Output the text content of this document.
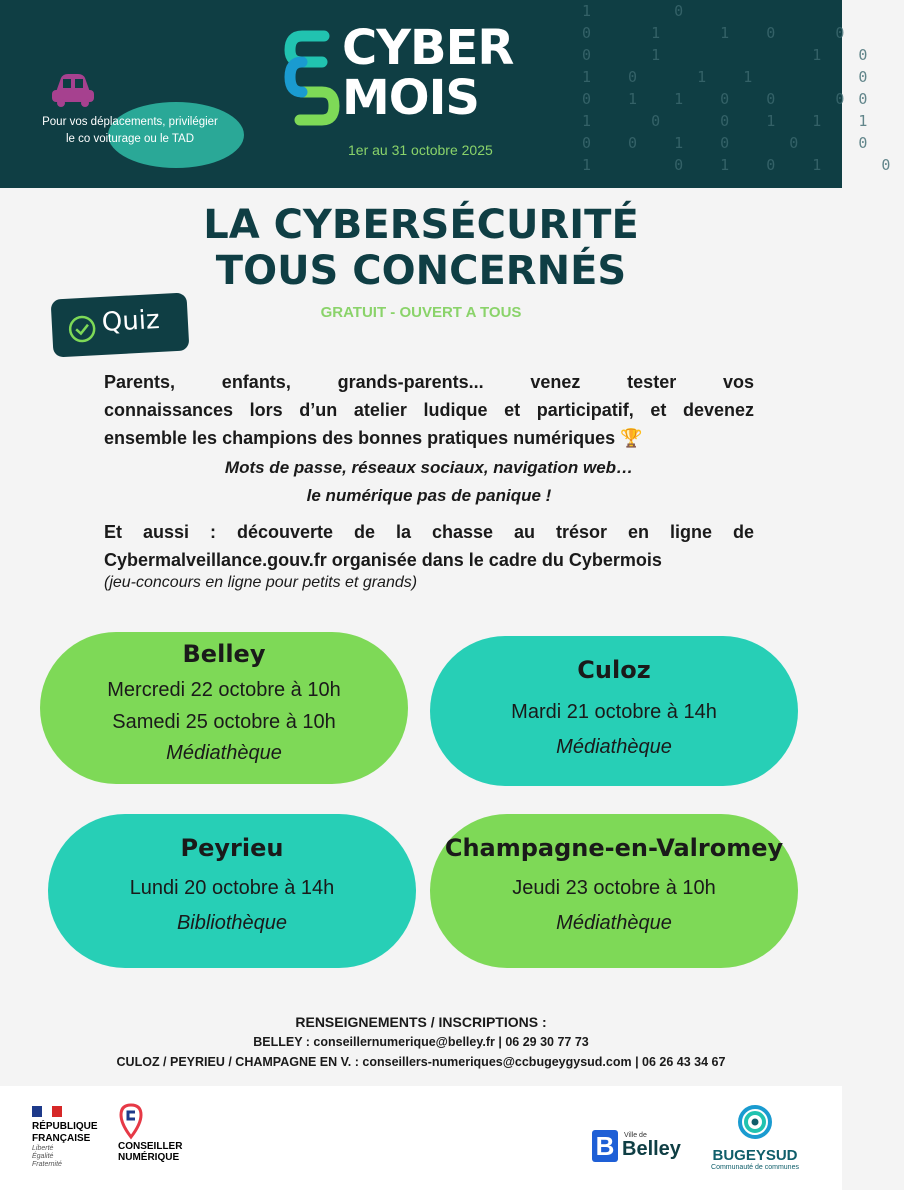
1   0
0  1  1 0  0
0  1      1 0
1 0  1 1    0
0 1 1 0 0  00
1  0  0 1 1 1
0 0 1 0  0  0
1   0 1 0 1  0
Pour vos déplacements, privilégier
le co voiturage ou le TAD
CYBER
MOIS
1er au 31 octobre 2025
LA CYBERSÉCURITÉ
TOUS CONCERNÉS
GRATUIT - OUVERT A TOUS
Quiz
Parents, enfants, grands-parents... venez tester vos
connaissances lors d’un atelier ludique et participatif, et devenez
ensemble les champions des bonnes pratiques numériques 🏆
Mots de passe, réseaux sociaux, navigation web…
le numérique pas de panique !
Et aussi : découverte de la chasse au trésor en ligne de
Cybermalveillance.gouv.fr organisée dans le cadre du Cybermois
(jeu-concours en ligne pour petits et grands)
Belley
Mercredi 22 octobre à 10h
Samedi 25 octobre à 10h
Médiathèque
Culoz
Mardi 21 octobre à 14h
Médiathèque
Peyrieu
Lundi 20 octobre à 14h
Bibliothèque
Champagne-en-Valromey
Jeudi 23 octobre à 10h
Médiathèque
RENSEIGNEMENTS / INSCRIPTIONS :
BELLEY : conseillernumerique@belley.fr | 06 29 30 77 73
CULOZ / PEYRIEU / CHAMPAGNE EN V. : conseillers-numeriques@ccbugeygysud.com | 06 26 43 34 67
RÉPUBLIQUE
FRANÇAISE
Liberté
Égalité
Fraternité
CONSEILLER
NUMÉRIQUE	B	Ville de
Belley	BUGEYSUD
Communauté de communes
